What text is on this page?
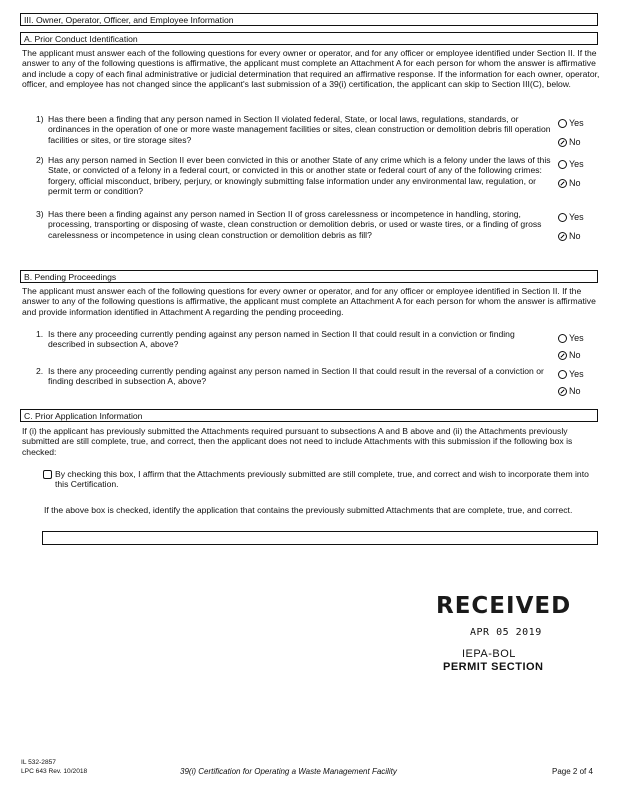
III. Owner, Operator, Officer, and Employee Information
A. Prior Conduct Identification
The applicant must answer each of the following questions for every owner or operator, and for any officer or employee identified under Section II. If the answer to any of the following questions is affirmative, the applicant must complete an Attachment A for each person for whom the answer is affirmative and include a copy of each final administrative or judicial determination that required an affirmative response. If the information for each owner, operator, officer, and employee has not changed since the applicant's last submission of a 39(i) certification, the applicant can skip to Section III(C), below.
1) Has there been a finding that any person named in Section II violated federal, State, or local laws, regulations, standards, or ordinances in the operation of one or more waste management facilities or sites, clean construction or demolition debris fill operation facilities or sites, or tire storage sites?
Yes
No
2) Has any person named in Section II ever been convicted in this or another State of any crime which is a felony under the laws of this State, or convicted of a felony in a federal court, or convicted in this or another state or federal court of any of the following crimes: forgery, official misconduct, bribery, perjury, or knowingly submitting false information under any environmental law, regulation, or permit term or condition?
Yes
No
3) Has there been a finding against any person named in Section II of gross carelessness or incompetence in handling, storing, processing, transporting or disposing of waste, clean construction or demolition debris, or used or waste tires, or a finding of gross carelessness or incompetence in using clean construction or demolition debris as fill?
Yes
No
B. Pending Proceedings
The applicant must answer each of the following questions for every owner or operator, and for any officer or employee identified in Section II. If the answer to any of the following questions is affirmative, the applicant must complete an Attachment A for each person for whom the answer is affirmative and provide information identified in Attachment A regarding the pending proceeding.
1. Is there any proceeding currently pending against any person named in Section II that could result in a conviction or finding described in subsection A, above?
Yes
No
2. Is there any proceeding currently pending against any person named in Section II that could result in the reversal of a conviction or finding described in subsection A, above?
Yes
No
C. Prior Application Information
If (i) the applicant has previously submitted the Attachments required pursuant to subsections A and B above and (ii) the Attachments previously submitted are still complete, true, and correct, then the applicant does not need to include Attachments with this submission if the following box is checked:
By checking this box, I affirm that the Attachments previously submitted are still complete, true, and correct and wish to incorporate them into this Certification.
If the above box is checked, identify the application that contains the previously submitted Attachments that are complete, true, and correct.
RECEIVED
APR 05 2019
IEPA-BOL
PERMIT SECTION
IL 532-2857
LPC 643 Rev. 10/2018	39(i) Certification for Operating a Waste Management Facility	Page 2 of 4
